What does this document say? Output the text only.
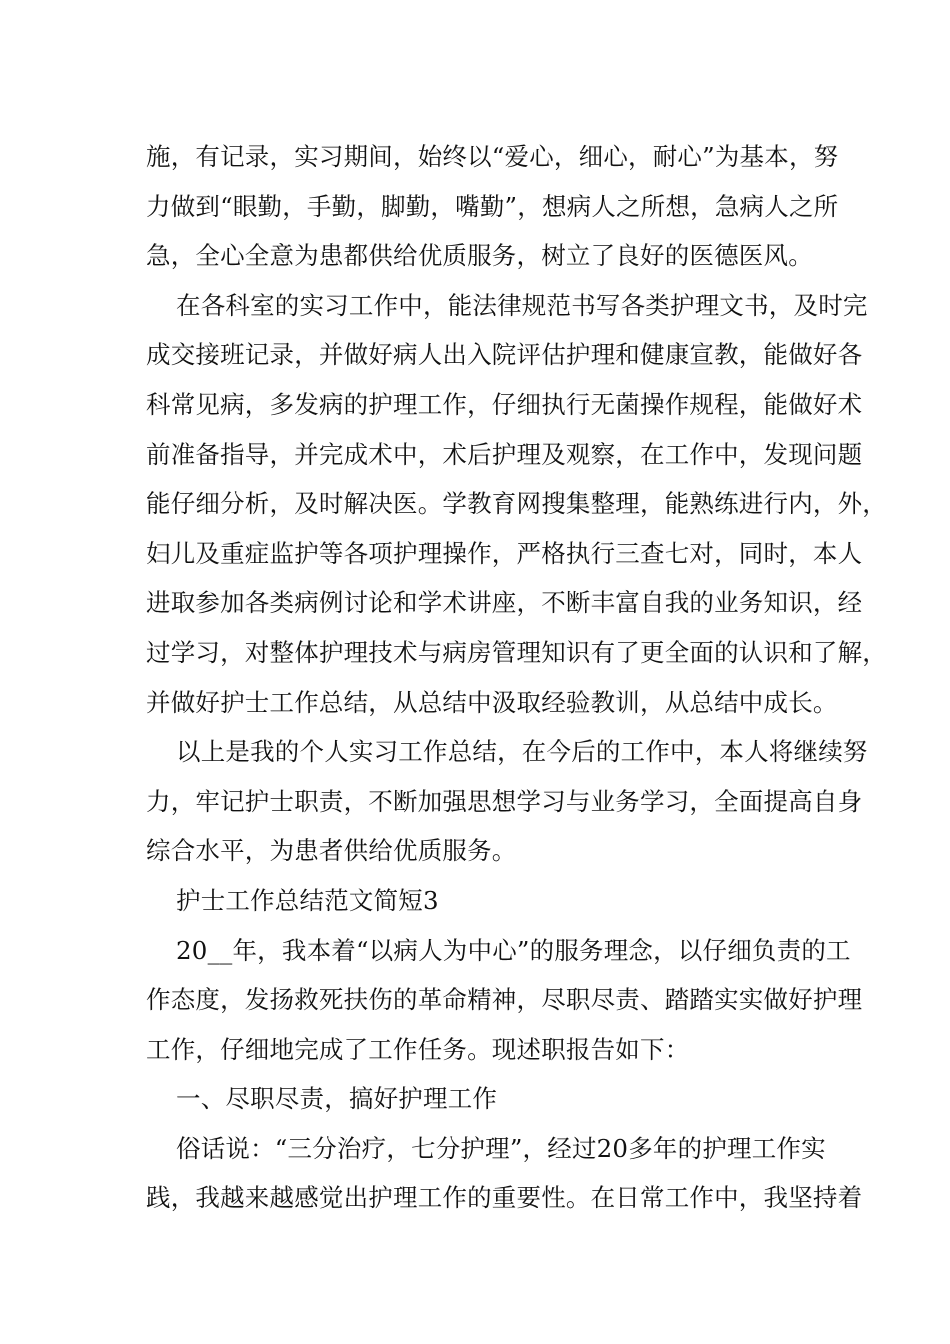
施，有记录，实习期间，始终以“爱心，细心，耐心”为基本，努
力做到“眼勤，手勤，脚勤，嘴勤”，想病人之所想，急病人之所
急，全心全意为患都供给优质服务，树立了良好的医德医风。
在各科室的实习工作中，能法律规范书写各类护理文书，及时完
成交接班记录，并做好病人出入院评估护理和健康宣教，能做好各
科常见病，多发病的护理工作，仔细执行无菌操作规程，能做好术
前准备指导，并完成术中，术后护理及观察，在工作中，发现问题
能仔细分析，及时解决医。学教育网搜集整理，能熟练进行内，外，
妇儿及重症监护等各项护理操作，严格执行三查七对，同时，本人
进取参加各类病例讨论和学术讲座，不断丰富自我的业务知识，经
过学习，对整体护理技术与病房管理知识有了更全面的认识和了解，
并做好护士工作总结，从总结中汲取经验教训，从总结中成长。
以上是我的个人实习工作总结，在今后的工作中，本人将继续努
力，牢记护士职责，不断加强思想学习与业务学习，全面提高自身
综合水平，为患者供给优质服务。
护士工作总结范文简短3
20__年，我本着“以病人为中心”的服务理念，以仔细负责的工
作态度，发扬救死扶伤的革命精神，尽职尽责、踏踏实实做好护理
工作，仔细地完成了工作任务。现述职报告如下：
一、尽职尽责，搞好护理工作
俗话说：“三分治疗，七分护理”，经过20多年的护理工作实
践，我越来越感觉出护理工作的重要性。在日常工作中，我坚持着
